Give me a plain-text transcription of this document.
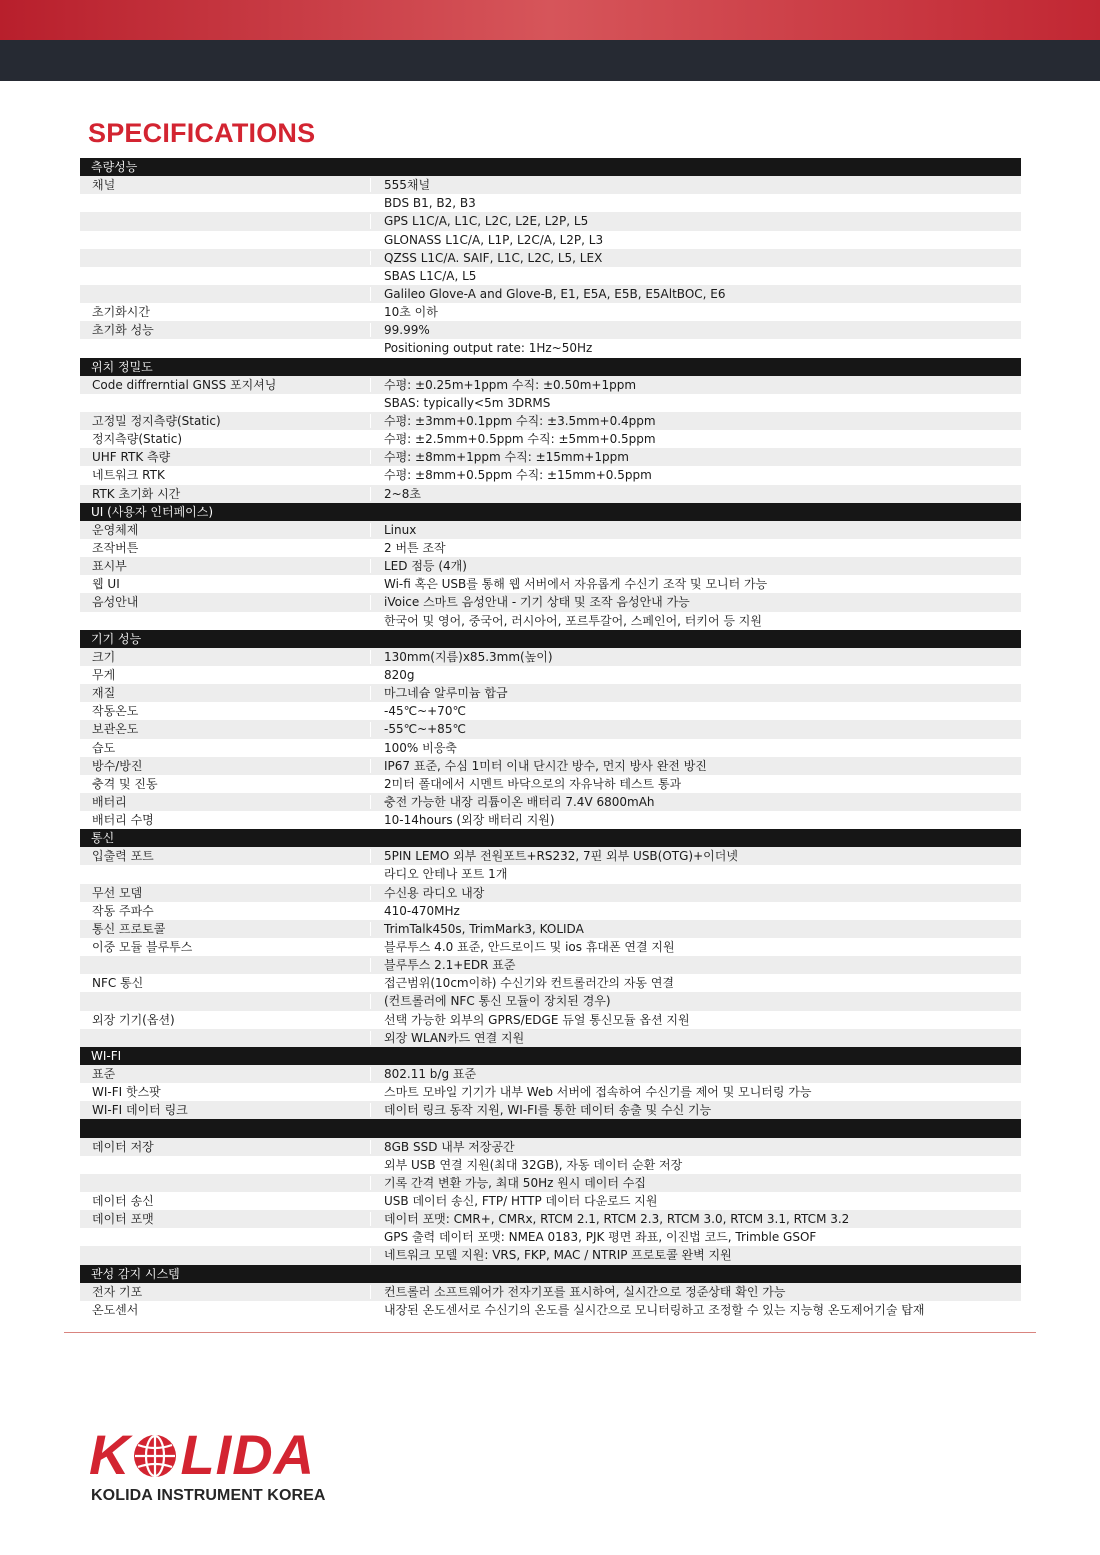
SPECIFICATIONS
측량성능
채널	555채널
BDS B1, B2, B3
GPS L1C/A, L1C, L2C, L2E, L2P, L5
GLONASS L1C/A, L1P, L2C/A, L2P, L3
QZSS L1C/A. SAIF, L1C, L2C, L5, LEX
SBAS L1C/A, L5
Galileo Glove-A and Glove-B, E1, E5A, E5B, E5AltBOC, E6
초기화시간	10초 이하
초기화 성능	99.99%
Positioning output rate: 1Hz~50Hz
위치 정밀도
Code diffrerntial GNSS 포지셔닝	수평: ±0.25m+1ppm 수직: ±0.50m+1ppm
SBAS: typically<5m 3DRMS
고정밀 정지측량(Static)	수평: ±3mm+0.1ppm 수직: ±3.5mm+0.4ppm
정지측량(Static)	수평: ±2.5mm+0.5ppm 수직: ±5mm+0.5ppm
UHF RTK 측량	수평: ±8mm+1ppm 수직: ±15mm+1ppm
네트워크 RTK	수평: ±8mm+0.5ppm 수직: ±15mm+0.5ppm
RTK 초기화 시간	2~8초
UI (사용자 인터페이스)
운영체제	Linux
조작버튼	2 버튼 조작
표시부	LED 점등 (4개)
웹 UI	Wi-fi 혹은 USB를 통해 웹 서버에서 자유롭게 수신기 조작 및 모니터 가능
음성안내	iVoice 스마트 음성안내 - 기기 상태 및 조작 음성안내 가능
한국어 및 영어, 중국어, 러시아어, 포르투갈어, 스페인어, 터키어 등 지원
기기 성능
크기	130mm(지름)x85.3mm(높이)
무게	820g
재질	마그네슘 알루미늄 합금
작동온도	-45℃~+70℃
보관온도	-55℃~+85℃
습도	100% 비응축
방수/방진	IP67 표준, 수심 1미터 이내 단시간 방수, 먼지 방사 완전 방진
충격 및 진동	2미터 폴대에서 시멘트 바닥으로의 자유낙하 테스트 통과
배터리	충전 가능한 내장 리튬이온 배터리 7.4V 6800mAh
배터리 수명	10-14hours (외장 배터리 지원)
통신
입출력 포트	5PIN LEMO 외부 전원포트+RS232, 7핀 외부 USB(OTG)+이더넷
라디오 안테나 포트 1개
무선 모뎀	수신용 라디오 내장
작동 주파수	410-470MHz
통신 프로토콜	TrimTalk450s, TrimMark3, KOLIDA
이중 모듈 블루투스	블루투스 4.0 표준, 안드로이드 및 ios 휴대폰 연결 지원
블루투스 2.1+EDR 표준
NFC 통신	접근범위(10cm이하) 수신기와 컨트롤러간의 자동 연결
(컨트롤러에 NFC 통신 모듈이 장치된 경우)
외장 기기(옵션)	선택 가능한 외부의 GPRS/EDGE 듀얼 통신모듈 옵션 지원
외장 WLAN카드 연결 지원
WI-FI
표준	802.11 b/g 표준
WI-FI 핫스팟	스마트 모바일 기기가 내부 Web 서버에 접속하여 수신기를 제어 및 모니터링 가능
WI-FI 데이터 링크	데이터 링크 동작 지원, WI-FI를 통한 데이터 송출 및 수신 기능
데이터 저장	8GB SSD 내부 저장공간
외부 USB 연결 지원(최대 32GB), 자동 데이터 순환 저장
기록 간격 변환 가능, 최대 50Hz 원시 데이터 수집
데이터 송신	USB 데이터 송신, FTP/ HTTP 데이터 다운로드 지원
데이터 포맷	데이터 포맷: CMR+, CMRx, RTCM 2.1, RTCM 2.3, RTCM 3.0, RTCM 3.1, RTCM 3.2
GPS 출력 데이터 포맷: NMEA 0183, PJK 평면 좌표, 이진법 코드, Trimble GSOF
네트워크 모델 지원: VRS, FKP, MAC / NTRIP 프로토콜 완벽 지원
관성 감지 시스템
전자 기포	컨트롤러 소프트웨어가 전자기포를 표시하여, 실시간으로 정준상태 확인 가능
온도센서	내장된 온도센서로 수신기의 온도를 실시간으로 모니터링하고 조정할 수 있는 지능형 온도제어기술 탑재
K LIDA
KOLIDA INSTRUMENT KOREA
